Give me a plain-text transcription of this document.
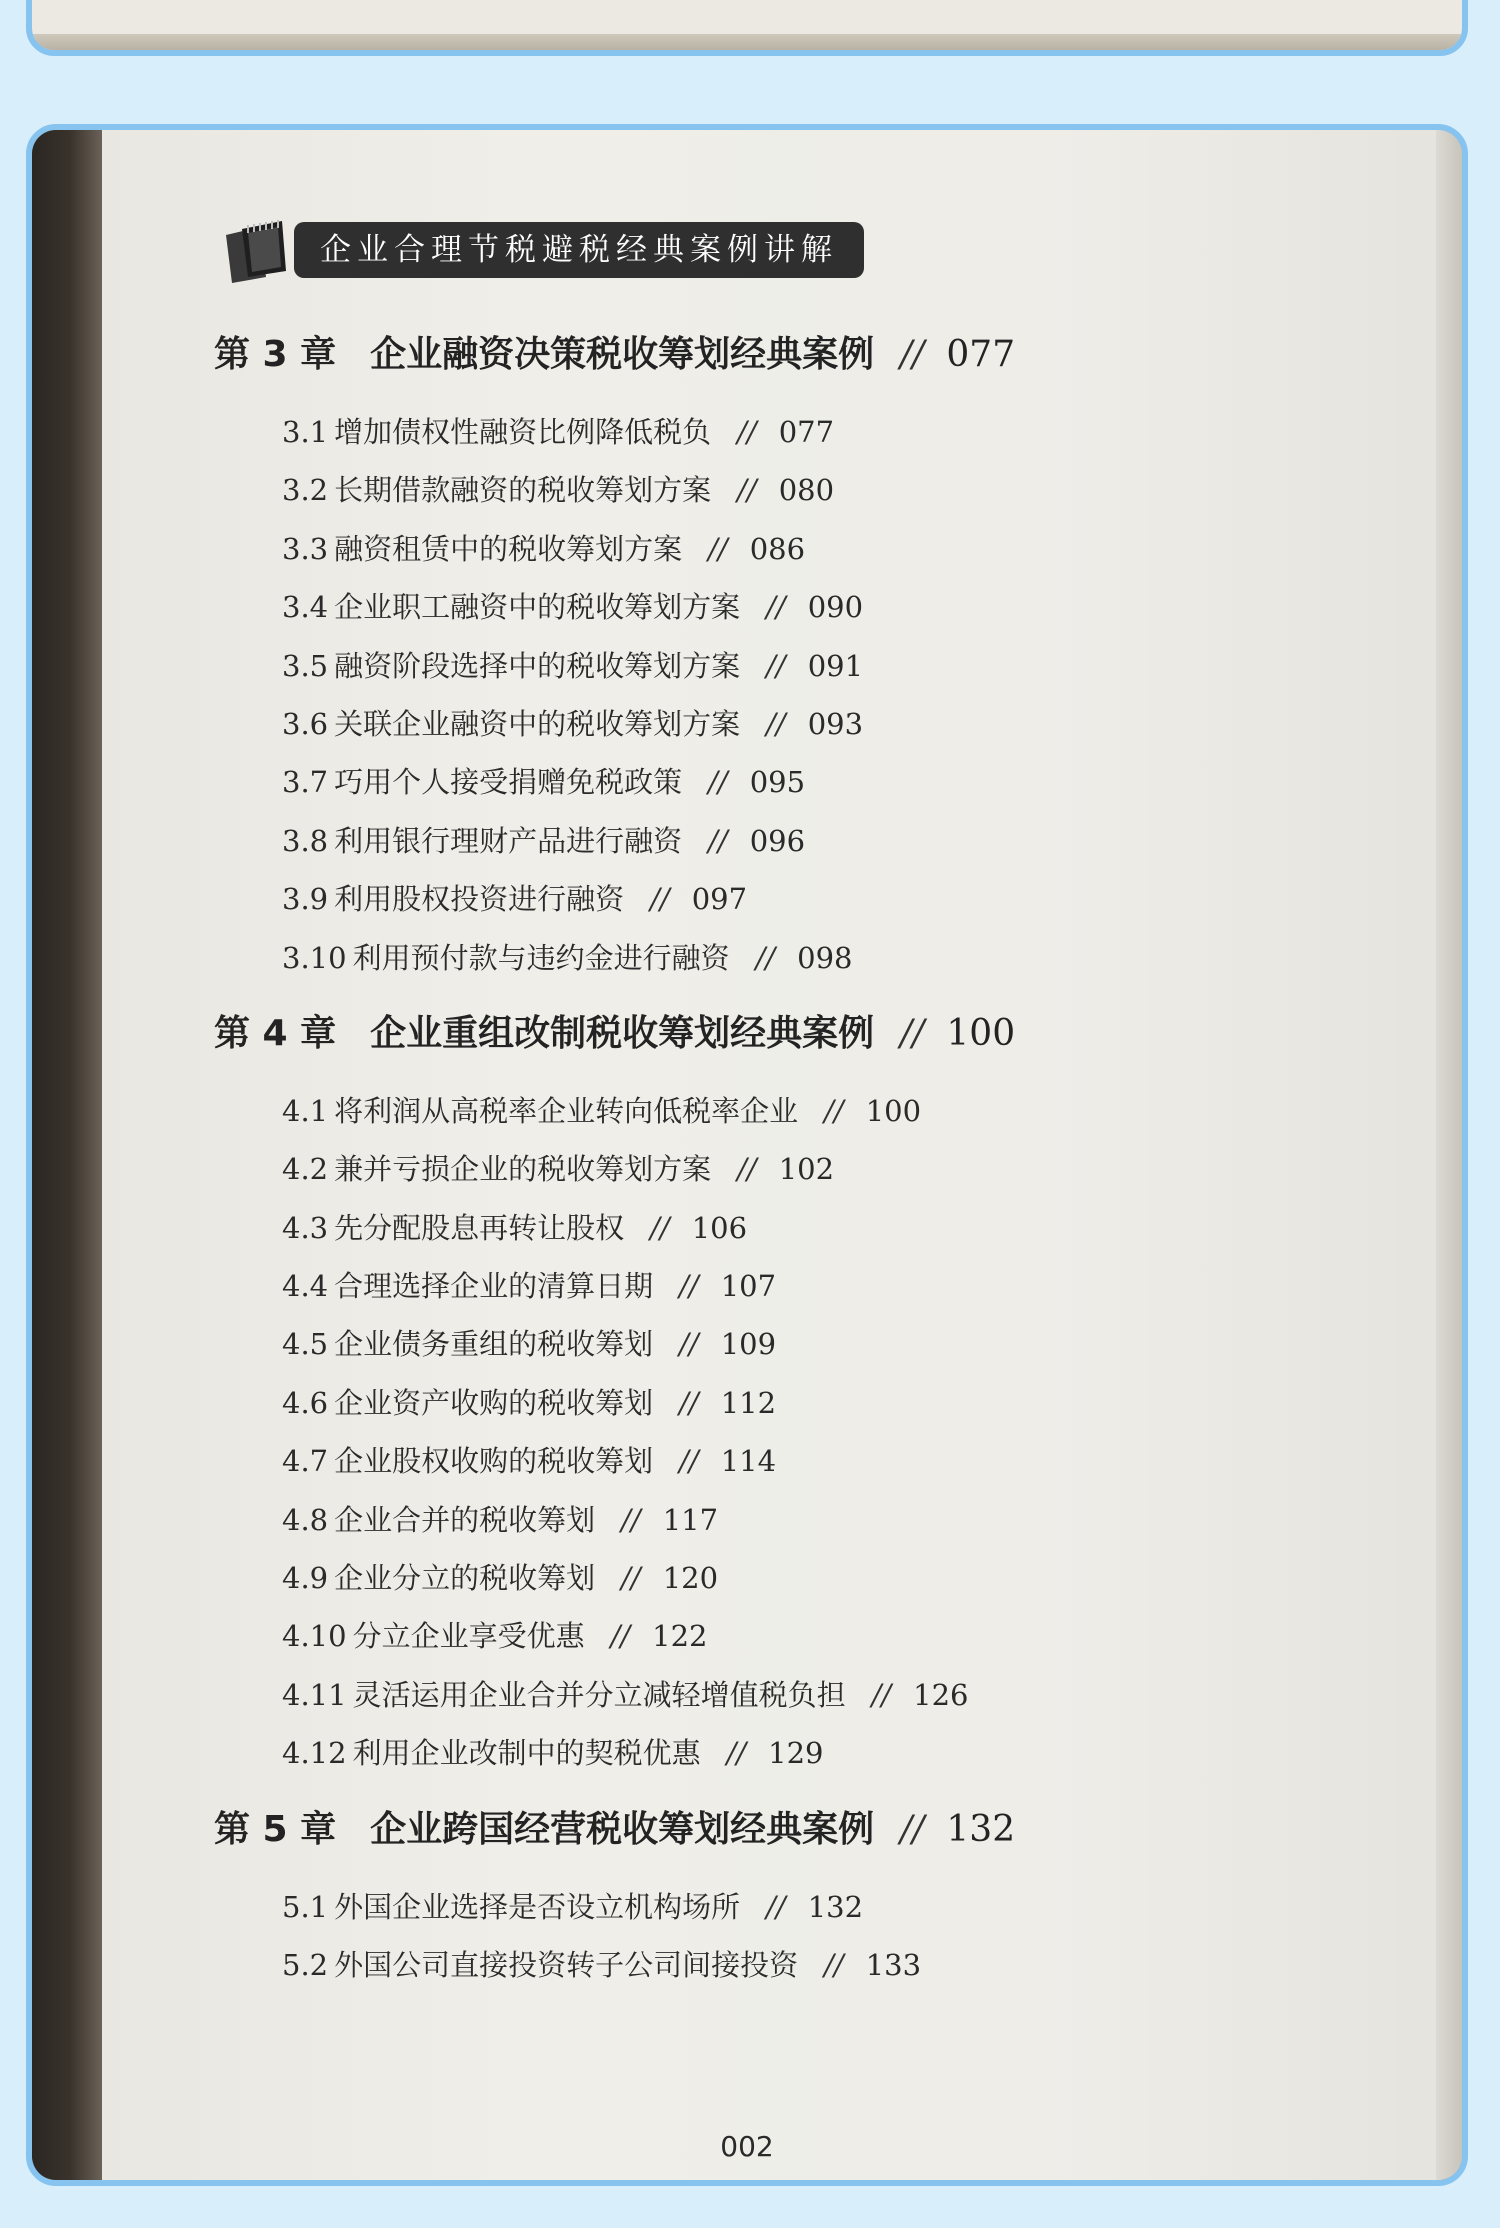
企业合理节税避税经典案例讲解
第 3 章 企业融资决策税收筹划经典案例 // 077
3.1 增加债权性融资比例降低税负 // 077
3.2 长期借款融资的税收筹划方案 // 080
3.3 融资租赁中的税收筹划方案 // 086
3.4 企业职工融资中的税收筹划方案 // 090
3.5 融资阶段选择中的税收筹划方案 // 091
3.6 关联企业融资中的税收筹划方案 // 093
3.7 巧用个人接受捐赠免税政策 // 095
3.8 利用银行理财产品进行融资 // 096
3.9 利用股权投资进行融资 // 097
3.10 利用预付款与违约金进行融资 // 098
第 4 章 企业重组改制税收筹划经典案例 // 100
4.1 将利润从高税率企业转向低税率企业 // 100
4.2 兼并亏损企业的税收筹划方案 // 102
4.3 先分配股息再转让股权 // 106
4.4 合理选择企业的清算日期 // 107
4.5 企业债务重组的税收筹划 // 109
4.6 企业资产收购的税收筹划 // 112
4.7 企业股权收购的税收筹划 // 114
4.8 企业合并的税收筹划 // 117
4.9 企业分立的税收筹划 // 120
4.10 分立企业享受优惠 // 122
4.11 灵活运用企业合并分立减轻增值税负担 // 126
4.12 利用企业改制中的契税优惠 // 129
第 5 章 企业跨国经营税收筹划经典案例 // 132
5.1 外国企业选择是否设立机构场所 // 132
5.2 外国公司直接投资转子公司间接投资 // 133
002
